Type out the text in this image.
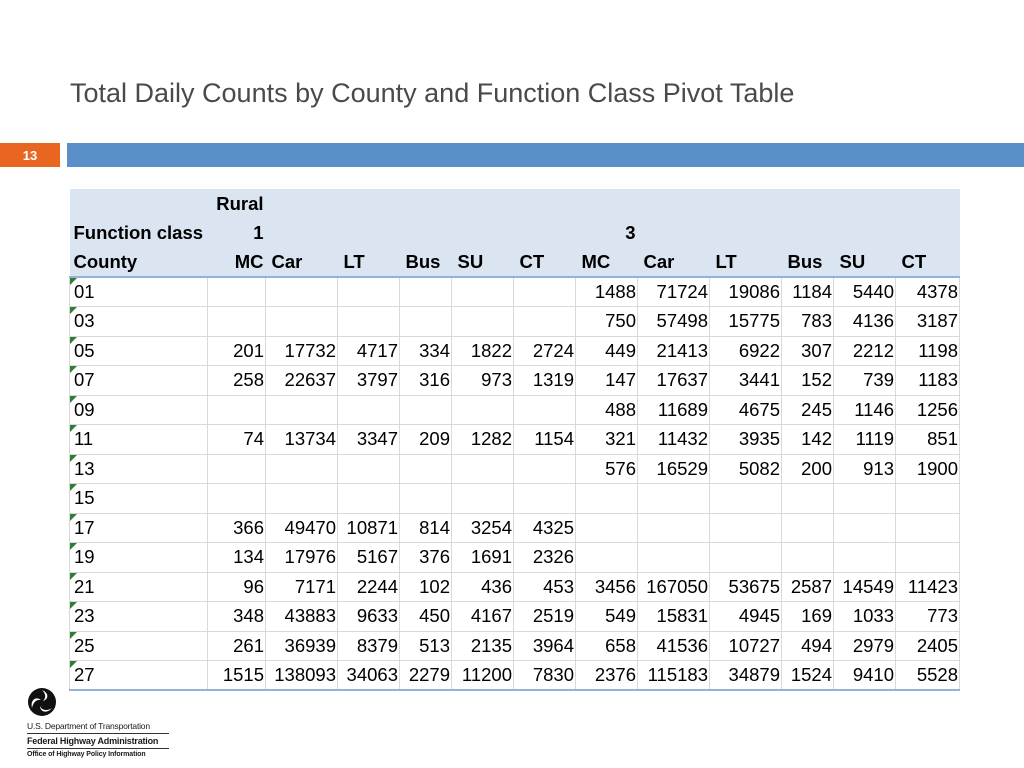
Total Daily Counts by County and Function Class Pivot Table
13
	Rural											
Function class	1						3					
County	MC	Car	LT	Bus	SU	CT	MC	Car	LT	Bus	SU	CT
01							1488	71724	19086	1184	5440	4378
03							750	57498	15775	783	4136	3187
05	201	17732	4717	334	1822	2724	449	21413	6922	307	2212	1198
07	258	22637	3797	316	973	1319	147	17637	3441	152	739	1183
09							488	11689	4675	245	1146	1256
11	74	13734	3347	209	1282	1154	321	11432	3935	142	1119	851
13							576	16529	5082	200	913	1900
15												
17	366	49470	10871	814	3254	4325						
19	134	17976	5167	376	1691	2326						
21	96	7171	2244	102	436	453	3456	167050	53675	2587	14549	11423
23	348	43883	9633	450	4167	2519	549	15831	4945	169	1033	773
25	261	36939	8379	513	2135	3964	658	41536	10727	494	2979	2405
27	1515	138093	34063	2279	11200	7830	2376	115183	34879	1524	9410	5528
U.S. Department of Transportation
Federal Highway Administration
Office of Highway Policy Information
